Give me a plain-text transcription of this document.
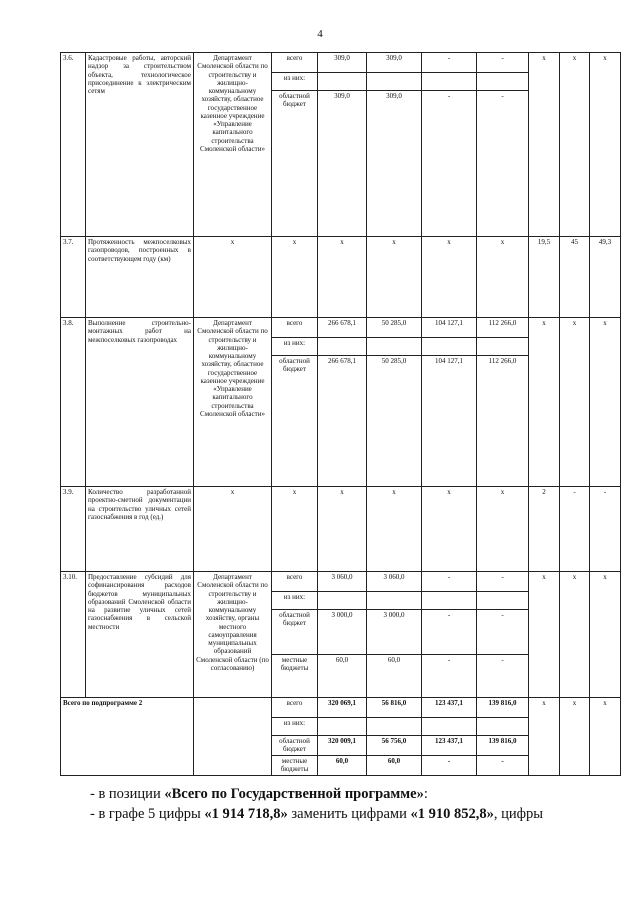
4
3.6.	Кадастровые работы, авторский надзор за строительством объекта, технологическое присоединение к электрическим сетям	Департамент Смоленской области по строительству и жилищно-коммунальному хозяйству, областное государственное казенное учреждение «Управление капитального строительства Смоленской области»	всего	309,0	309,0	-	-	х	х	х
			из них:							
			областной бюджет	309,0	309,0	-	-			
3.7.	Протяженность межпоселковых газопроводов, построенных в соответствующем году (км)	х	х	х	х	х	х	19,5	45	49,3
3.8.	Выполнение строительно-монтажных работ на межпоселковых газопроводах	Департамент Смоленской области по строительству и жилищно-коммунальному хозяйству, областное государственное казенное учреждение «Управление капитального строительства Смоленской области»	всего	266 678,1	50 285,0	104 127,1	112 266,0	х	х	х
			из них:							
			областной бюджет	266 678,1	50 285,0	104 127,1	112 266,0			
3.9.	Количество разработанной проектно-сметной документации на строительство уличных сетей газоснабжения в год (ед.)	х	х	х	х	х	х	2	-	-
3.10.	Предоставление субсидий для софинансирования расходов бюджетов муниципальных образований Смоленской области на развитие уличных сетей газоснабжения в сельской местности	Департамент Смоленской области по строительству и жилищно-коммунальному хозяйству, органы местного самоуправления муниципальных образований Смоленской области (по согласованию)	всего	3 060,0	3 060,0	-	-	х	х	х
			из них:							
			областной бюджет	3 000,0	3 000,0	-	-			
			местные бюджеты	60,0	60,0	-	-			
Всего по подпрограмме 2			всего	320 069,1	56 816,0	123 437,1	139 816,0	х	х	х
			из них:							
			областной бюджет	320 009,1	56 756,0	123 437,1	139 816,0			
			местные бюджеты	60,0	60,0	-	-			
- в позиции «Всего по Государственной программе»:
- в графе 5 цифры «1 914 718,8» заменить цифрами «1 910 852,8», цифры
